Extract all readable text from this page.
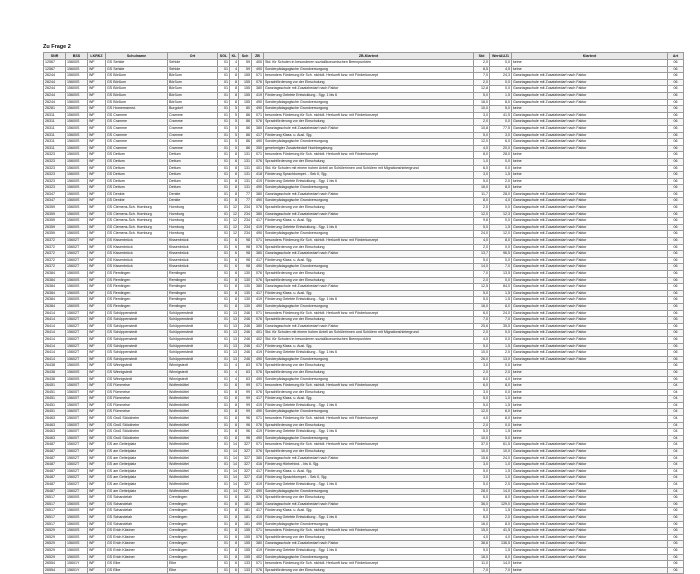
Zu Frage 2
SNR	BSS	LKRKZ	Schulname	Ort	SGL	KL	Sch	ZB	ZB-Klartext	Std	WertAUJ1	Klartext	Art
12567	15600S	WF	GS Sehlde	Sehlde	01	4	59	400	Std. für Schulen in besonderen sozialökonomischen Brennpunkten	2,0	0,0	keine	06
12567	15600S	WF	GS Sehlde	Sehlde	01	4	59	490	Sonderpädagogische Grundversorgung	8,5	4,5	keine	06
26244	15600S	WF	GS Börßum	Börßum	01	8	155	071	besonders Förderung für Sch. nichtdt. Herkunft bzw. mit Förderkonzept	7,0	24,3	Ganztagsschule mit Zusatzbedarf nach Faktor	06
26244	15600S	WF	GS Börßum	Börßum	01	8	155	076	Sprachförderung vor der Einschulung	2,0	0,0	Ganztagsschule mit Zusatzbedarf nach Faktor	06
26244	15600S	WF	GS Börßum	Börßum	01	8	155	380	Ganztagsschule mit Zusatzbedarf nach Faktor	12,8	0,0	Ganztagsschule mit Zusatzbedarf nach Faktor	06
26244	15600S	WF	GS Börßum	Börßum	01	8	155	419	Förderung Gelebte Entwicklung - Sgy. 1 bis 6	5,0	1,5	Ganztagsschule mit Zusatzbedarf nach Faktor	06
26244	15600S	WF	GS Börßum	Börßum	01	8	155	490	Sonderpädagogische Grundversorgung	16,0	8,0	Ganztagsschule mit Zusatzbedarf nach Faktor	06
26281	15600S	WF	GS Hornemannst.	Burgdorf	01	5	80	490	Sonderpädagogische Grundversorgung	10,0	5,0	keine	06
26311	15600S	WF	GS Cramme	Cramme	01	5	86	071	besonders Förderung für Sch. nichtdt. Herkunft bzw. mit Förderkonzept	3,0	41,5	Ganztagsschule mit Zusatzbedarf nach Faktor	06
26311	15600S	WF	GS Cramme	Cramme	01	5	86	076	Sprachförderung vor der Einschulung	2,0	0,0	Ganztagsschule mit Zusatzbedarf nach Faktor	06
26311	15600S	WF	GS Cramme	Cramme	01	5	86	380	Ganztagsschule mit Zusatzbedarf nach Faktor	10,8	77,5	Ganztagsschule mit Zusatzbedarf nach Faktor	06
26311	15600S	WF	GS Cramme	Cramme	01	5	86	417	Förderung Klass. u. Ausl. Sjg.	5,0	3,0	Ganztagsschule mit Zusatzbedarf nach Faktor	06
26311	15600S	WF	GS Cramme	Cramme	01	5	86	490	Sonderpädagogische Grundversorgung	12,0	6,0	Ganztagsschule mit Zusatzbedarf nach Faktor	06
26311	15600S	WF	GS Cramme	Cramme	01	5	86	350	genehmigter Zusatzbedarf Hochbegabung	4,0	20,0	Ganztagsschule mit Zusatzbedarf nach Faktor	06
26323	15600S	WF	GS Dettum	Dettum	01	8	131	071	besonders Förderung für Sch. nichtdt. Herkunft bzw. mit Förderkonzept	8,0	28,0	keine	06
26323	15600S	WF	GS Dettum	Dettum	01	8	131	076	Sprachförderung vor der Einschulung	1,0	0,0	keine	06
26323	15600S	WF	GS Dettum	Dettum	01	8	131	401	Std. für Schulen mit einem hohen Anteil an Schülerinnen und Schülern mit Migrationshintergrund	6,0	0,0	keine	06
26323	15600S	WF	GS Dettum	Dettum	01	8	131	418	Förderung Sprachkompet. - Sek II, Sjg.	3,0	1,5	keine	06
26323	15600S	WF	GS Dettum	Dettum	01	8	131	419	Förderung Gelebte Entwicklung - Sgy. 1 bis 6	5,0	2,0	keine	06
26323	15600S	WF	GS Dettum	Dettum	01	8	131	490	Sonderpädagogische Grundversorgung	16,0	8,0	keine	06
26347	15600S	WF	GS Denkte	Denkte	01	8	77	380	Ganztagsschule mit Zusatzbedarf nach Faktor	11,7	28,0	Ganztagsschule mit Zusatzbedarf nach Faktor	06
26347	15600S	WF	GS Denkte	Denkte	01	8	77	490	Sonderpädagogische Grundversorgung	8,0	4,0	Ganztagsschule mit Zusatzbedarf nach Faktor	06
26359	15600S	WF	GS Clemens-Sch. Hornburg	Hornburg	01	12	234	076	Sprachförderung vor der Einschulung	2,0	0,0	Ganztagsschule mit Zusatzbedarf nach Faktor	06
26359	15600S	WF	GS Clemens-Sch. Hornburg	Hornburg	01	12	234	380	Ganztagsschule mit Zusatzbedarf nach Faktor	12,0	12,3	Ganztagsschule mit Zusatzbedarf nach Faktor	06
26359	15600S	WF	GS Clemens-Sch. Hornburg	Hornburg	01	12	234	417	Förderung Klass. u. Ausl. Sjg.	9,6	0,0	Ganztagsschule mit Zusatzbedarf nach Faktor	06
26359	15600S	WF	GS Clemens-Sch. Hornburg	Hornburg	01	12	234	419	Förderung Gelebte Entwicklung - Sgy. 1 bis 6	5,0	1,5	Ganztagsschule mit Zusatzbedarf nach Faktor	06
26359	15600S	WF	GS Clemens-Sch. Hornburg	Hornburg	01	12	234	490	Sonderpädagogische Grundversorgung	24,0	12,0	Ganztagsschule mit Zusatzbedarf nach Faktor	06
26372	15602T	WF	GS Kissenbrück	Kissenbrück	01	6	98	071	besonders Förderung für Sch. nichtdt. Herkunft bzw. mit Förderkonzept	4,0	8,0	Ganztagsschule mit Zusatzbedarf nach Faktor	06
26372	15602T	WF	GS Kissenbrück	Kissenbrück	01	6	98	076	Sprachförderung vor der Einschulung	2,0	0,0	Ganztagsschule mit Zusatzbedarf nach Faktor	06
26372	15602T	WF	GS Kissenbrück	Kissenbrück	01	6	98	380	Ganztagsschule mit Zusatzbedarf nach Faktor	13,7	96,5	Ganztagsschule mit Zusatzbedarf nach Faktor	06
26372	15602T	WF	GS Kissenbrück	Kissenbrück	01	6	98	417	Förderung Klass. u. Ausl. Sjg.	5,0	0,0	Ganztagsschule mit Zusatzbedarf nach Faktor	06
26372	15602T	WF	GS Kissenbrück	Kissenbrück	01	6	98	490	Sonderpädagogische Grundversorgung	14,0	7,0	Ganztagsschule mit Zusatzbedarf nach Faktor	06
26384	15600S	WF	GS Remlingen	Remlingen	01	8	130	076	Sprachförderung vor der Einschulung	7,0	13,5	Ganztagsschule mit Zusatzbedarf nach Faktor	06
26384	15600S	WF	GS Remlingen	Remlingen	01	8	130	076	Sprachförderung vor der Einschulung	2,0	0,0	Ganztagsschule mit Zusatzbedarf nach Faktor	06
26384	15600S	WF	GS Remlingen	Remlingen	01	8	130	380	Ganztagsschule mit Zusatzbedarf nach Faktor	12,5	84,0	Ganztagsschule mit Zusatzbedarf nach Faktor	06
26384	15600S	WF	GS Remlingen	Remlingen	01	8	130	417	Förderung Klass. u. Ausl. Sjg.	5,0	1,5	Ganztagsschule mit Zusatzbedarf nach Faktor	06
26384	15600S	WF	GS Remlingen	Remlingen	01	8	130	419	Förderung Gelebte Entwicklung - Sgy. 1 bis 6	5,0	1,5	Ganztagsschule mit Zusatzbedarf nach Faktor	06
26384	15600S	WF	GS Remlingen	Remlingen	01	8	130	490	Sonderpädagogische Grundversorgung	16,0	8,0	Ganztagsschule mit Zusatzbedarf nach Faktor	06
26414	15602T	WF	GS Schöppenstedt	Schöppenstedt	01	13	246	071	besonders Förderung für Sch. nichtdt. Herkunft bzw. mit Förderkonzept	6,0	24,0	Ganztagsschule mit Zusatzbedarf nach Faktor	06
26414	15602T	WF	GS Schöppenstedt	Schöppenstedt	01	13	246	076	Sprachförderung vor der Einschulung	7,0	7,0	Ganztagsschule mit Zusatzbedarf nach Faktor	06
26414	15602T	WF	GS Schöppenstedt	Schöppenstedt	01	13	246	380	Ganztagsschule mit Zusatzbedarf nach Faktor	25,6	35,5	Ganztagsschule mit Zusatzbedarf nach Faktor	06
26414	15602T	WF	GS Schöppenstedt	Schöppenstedt	01	13	246	401	Std. für Schulen mit einem hohen Anteil an Schülerinnen und Schülern mit Migrationshintergrund	2,0	0,0	Ganztagsschule mit Zusatzbedarf nach Faktor	06
26414	15602T	WF	GS Schöppenstedt	Schöppenstedt	01	13	246	402	Std. für Schulen in besonderen sozialökonomischen Brennpunkten	4,0	0,0	Ganztagsschule mit Zusatzbedarf nach Faktor	06
26414	15602T	WF	GS Schöppenstedt	Schöppenstedt	01	13	246	417	Förderung Klass. u. Ausl. Sjg.	5,0	1,5	Ganztagsschule mit Zusatzbedarf nach Faktor	06
26414	15602T	WF	GS Schöppenstedt	Schöppenstedt	01	13	246	419	Förderung Gelebte Entwicklung - Sgy. 1 bis 6	10,0	2,0	Ganztagsschule mit Zusatzbedarf nach Faktor	06
26414	15602T	WF	GS Schöppenstedt	Schöppenstedt	01	13	246	490	Sonderpädagogische Grundversorgung	26,0	13,0	Ganztagsschule mit Zusatzbedarf nach Faktor	06
26438	15600S	WF	GS Winnigstedt	Winnigstedt	01	4	63	076	Sprachförderung vor der Einschulung	3,0	0,0	keine	06
26438	15600S	WF	GS Winnigstedt	Winnigstedt	01	4	63	076	Sprachförderung vor der Einschulung	2,0	2,0	keine	06
26438	15600S	WF	GS Winnigstedt	Winnigstedt	01	4	63	490	Sonderpädagogische Grundversorgung	8,0	4,0	keine	06
26451	15600T	WF	GS Fümmelse	Wolfenbüttel	01	8	99	071	besonders Förderung für Sch. nichtdt. Herkunft bzw. mit Förderkonzept	6,0	8,0	keine	04
26451	15600T	WF	GS Fümmelse	Wolfenbüttel	01	8	99	076	Sprachförderung vor der Einschulung	3,0	0,0	keine	04
26451	15600T	WF	GS Fümmelse	Wolfenbüttel	01	8	99	417	Förderung Klass. u. Ausl. Sjg.	5,0	1,0	keine	04
26451	15600T	WF	GS Fümmelse	Wolfenbüttel	01	8	99	419	Förderung Gelebte Entwicklung - Sgy. 1 bis 6	5,0	1,5	keine	04
26451	15600T	WF	GS Fümmelse	Wolfenbüttel	01	8	99	490	Sonderpädagogische Grundversorgung	12,0	6,0	keine	04
26463	15600T	WF	GS Groß Stöckheim	Wolfenbüttel	01	8	96	071	besonders Förderung für Sch. nichtdt. Herkunft bzw. mit Förderkonzept	4,0	8,0	keine	04
26463	15600T	WF	GS Groß Stöckheim	Wolfenbüttel	01	8	96	076	Sprachförderung vor der Einschulung	2,0	0,0	keine	04
26463	15600T	WF	GS Groß Stöckheim	Wolfenbüttel	01	8	96	419	Förderung Gelebte Entwicklung - Sgy. 1 bis 6	5,0	1,5	keine	04
26463	15600T	WF	GS Groß Stöckheim	Wolfenbüttel	01	8	96	490	Sonderpädagogische Grundversorgung	10,0	5,0	keine	04
26487	15602T	WF	GS am Geitelplatz	Wolfenbüttel	01	14	327	071	besonders Förderung für Sch. nichtdt. Herkunft bzw. mit Förderkonzept	37,0	61,5	Ganztagsschule mit Zusatzbedarf nach Faktor	04
26487	15602T	WF	GS am Geitelplatz	Wolfenbüttel	01	14	327	076	Sprachförderung vor der Einschulung	10,0	10,0	Ganztagsschule mit Zusatzbedarf nach Faktor	04
26487	15602T	WF	GS am Geitelplatz	Wolfenbüttel	01	14	327	380	Ganztagsschule mit Zusatzbedarf nach Faktor	15,6	24,0	Ganztagsschule mit Zusatzbedarf nach Faktor	04
26487	15602T	WF	GS am Geitelplatz	Wolfenbüttel	01	14	327	416	Förderung Hörbehind. - bis 6. Sjg.	3,0	1,0	Ganztagsschule mit Zusatzbedarf nach Faktor	04
26487	15602T	WF	GS am Geitelplatz	Wolfenbüttel	01	14	327	417	Förderung Klass. u. Ausl. Sjg.	5,0	1,5	Ganztagsschule mit Zusatzbedarf nach Faktor	04
26487	15602T	WF	GS am Geitelplatz	Wolfenbüttel	01	14	327	418	Förderung Sprachkompet. - Sek II, Sjg.	3,0	1,0	Ganztagsschule mit Zusatzbedarf nach Faktor	04
26487	15602T	WF	GS am Geitelplatz	Wolfenbüttel	01	14	327	419	Förderung Gelebte Entwicklung - Sgy. 1 bis 6	5,0	2,0	Ganztagsschule mit Zusatzbedarf nach Faktor	04
26487	15602T	WF	GS am Geitelplatz	Wolfenbüttel	01	14	327	490	Sonderpädagogische Grundversorgung	28,0	14,0	Ganztagsschule mit Zusatzbedarf nach Faktor	04
26517	15600S	WF	GS Schandelah	Cremlingen	01	8	181	076	Sprachförderung vor der Einschulung	6,0	8,0	Ganztagsschule mit Zusatzbedarf nach Faktor	06
26517	15600S	WF	GS Schandelah	Cremlingen	01	8	181	380	Ganztagsschule mit Zusatzbedarf nach Faktor	36,0	129,0	Ganztagsschule mit Zusatzbedarf nach Faktor	06
26517	15600S	WF	GS Schandelah	Cremlingen	01	8	181	417	Förderung Klass. u. Ausl. Sjg.	5,0	1,5	Ganztagsschule mit Zusatzbedarf nach Faktor	06
26517	15600S	WF	GS Schandelah	Cremlingen	01	8	181	419	Förderung Gelebte Entwicklung - Sgy. 1 bis 6	6,0	2,0	Ganztagsschule mit Zusatzbedarf nach Faktor	06
26517	15600S	WF	GS Schandelah	Cremlingen	01	8	181	490	Sonderpädagogische Grundversorgung	16,0	8,0	Ganztagsschule mit Zusatzbedarf nach Faktor	06
26529	15600S	WF	GS Erich Kästner	Cremlingen	01	8	155	071	besonders Förderung für Sch. nichtdt. Herkunft bzw. mit Förderkonzept	15,0	41,5	Ganztagsschule mit Zusatzbedarf nach Faktor	06
26529	15600S	WF	GS Erich Kästner	Cremlingen	01	8	155	076	Sprachförderung vor der Einschulung	4,0	4,0	Ganztagsschule mit Zusatzbedarf nach Faktor	06
26529	15600S	WF	GS Erich Kästner	Cremlingen	01	8	155	380	Ganztagsschule mit Zusatzbedarf nach Faktor	38,6	136,5	Ganztagsschule mit Zusatzbedarf nach Faktor	06
26529	15600S	WF	GS Erich Kästner	Cremlingen	01	8	155	419	Förderung Gelebte Entwicklung - Sgy. 1 bis 6	5,0	1,5	Ganztagsschule mit Zusatzbedarf nach Faktor	06
26529	15600S	WF	GS Erich Kästner	Cremlingen	01	8	155	402	Sonderpädagogische Grundversorgung	16,0	8,0	Ganztagsschule mit Zusatzbedarf nach Faktor	06
26554	15601Y	WF	GS Elbe	Elbe	01	6	133	071	besonders Förderung für Sch. nichtdt. Herkunft bzw. mit Förderkonzept	11,0	14,0	keine	06
26554	15601Y	WF	GS Elbe	Elbe	01	6	133	076	Sprachförderung vor der Einschulung	7,0	7,0	keine	06
